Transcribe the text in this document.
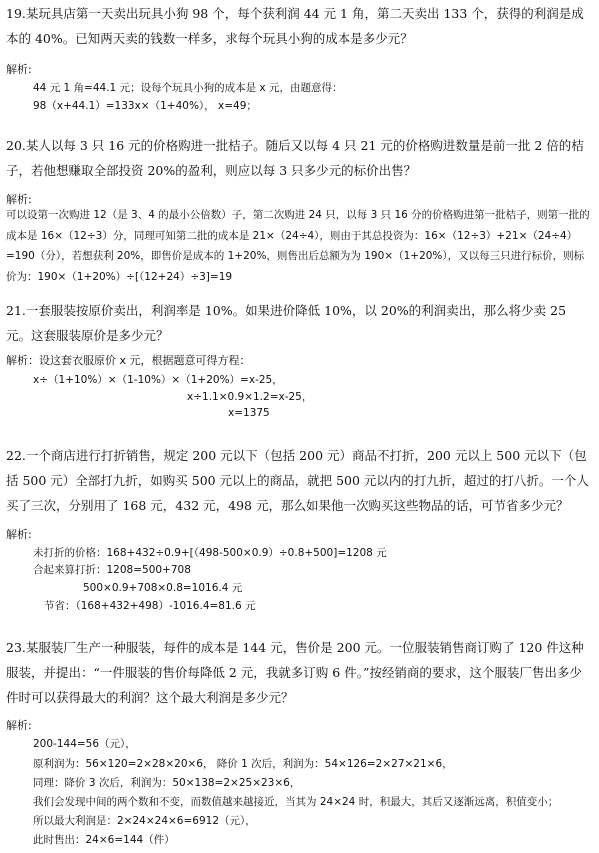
19.某玩具店第一天卖出玩具小狗 98 个，每个获利润 44 元 1 角，第二天卖出 133 个，获得的利润是成本的 40%。已知两天卖的钱数一样多，求每个玩具小狗的成本是多少元？

解析:

44 元 1 角=44.1 元；设每个玩具小狗的成本是 x 元，由题意得：

98（x+44.1）=133x×（1+40%）， x=49；

20.某人以每 3 只 16 元的价格购进一批桔子。随后又以每 4 只 21 元的价格购进数量是前一批 2 倍的桔子，若他想赚取全部投资 20%的盈利，则应以每 3 只多少元的标价出售？

解析:

可以设第一次购进 12（是 3、4 的最小公倍数）子，第二次购进 24 只，以每 3 只 16 分的价格购进第一批桔子，则第一批的成本是 16×（12÷3）分，同理可知第二批的成本是 21×（24÷4），则由于其总投资为：16×（12÷3）+21×（24÷4）=190（分），若想获利 20%，即售价是成本的 1+20%，则售出后总额为为 190×（1+20%），又以每三只进行标价，则标价为：190×（1+20%）÷[（12+24）÷3]=19

21.一套服装按原价卖出，利润率是 10%。如果进价降低 10%，以 20%的利润卖出，那么将少卖 25 元。这套服装原价是多少元？

解析：设这套衣服原价 x 元，根据题意可得方程：

x÷（1+10%）×（1-10%）×（1+20%）=x-25，

x÷1.1×0.9×1.2=x-25，

x=1375

22.一个商店进行打折销售，规定 200 元以下（包括 200 元）商品不打折，200 元以上 500 元以下（包括 500 元）全部打九折，如购买 500 元以上的商品，就把 500 元以内的打九折，超过的打八折。一个人买了三次，分别用了 168 元，432 元，498 元，那么如果他一次购买这些物品的话，可节省多少元？

解析:

未打折的价格：168+432÷0.9+[（498-500×0.9）÷0.8+500]=1208 元

合起来算打折：1208=500+708

500×0.9+708×0.8=1016.4 元

节省：（168+432+498）-1016.4=81.6 元

23.某服装厂生产一种服装，每件的成本是 144 元，售价是 200 元。一位服装销售商订购了 120 件这种服装，并提出：“一件服装的售价每降低 2 元，我就多订购 6 件。”按经销商的要求，这个服装厂售出多少件时可以获得最大的利润？这个最大利润是多少元？

解析:

200-144=56（元），

原利润为：56×120=2×28×20×6， 降价 1 次后，利润为：54×126=2×27×21×6，

同理：降价 3 次后，利润为：50×138=2×25×23×6，

我们会发现中间的两个数和不变，而数值越来越接近，当其为 24×24 时，积最大，其后又逐渐远离，积值变小；

所以最大利润是：2×24×24×6=6912（元），

此时售出：24×6=144（件）
